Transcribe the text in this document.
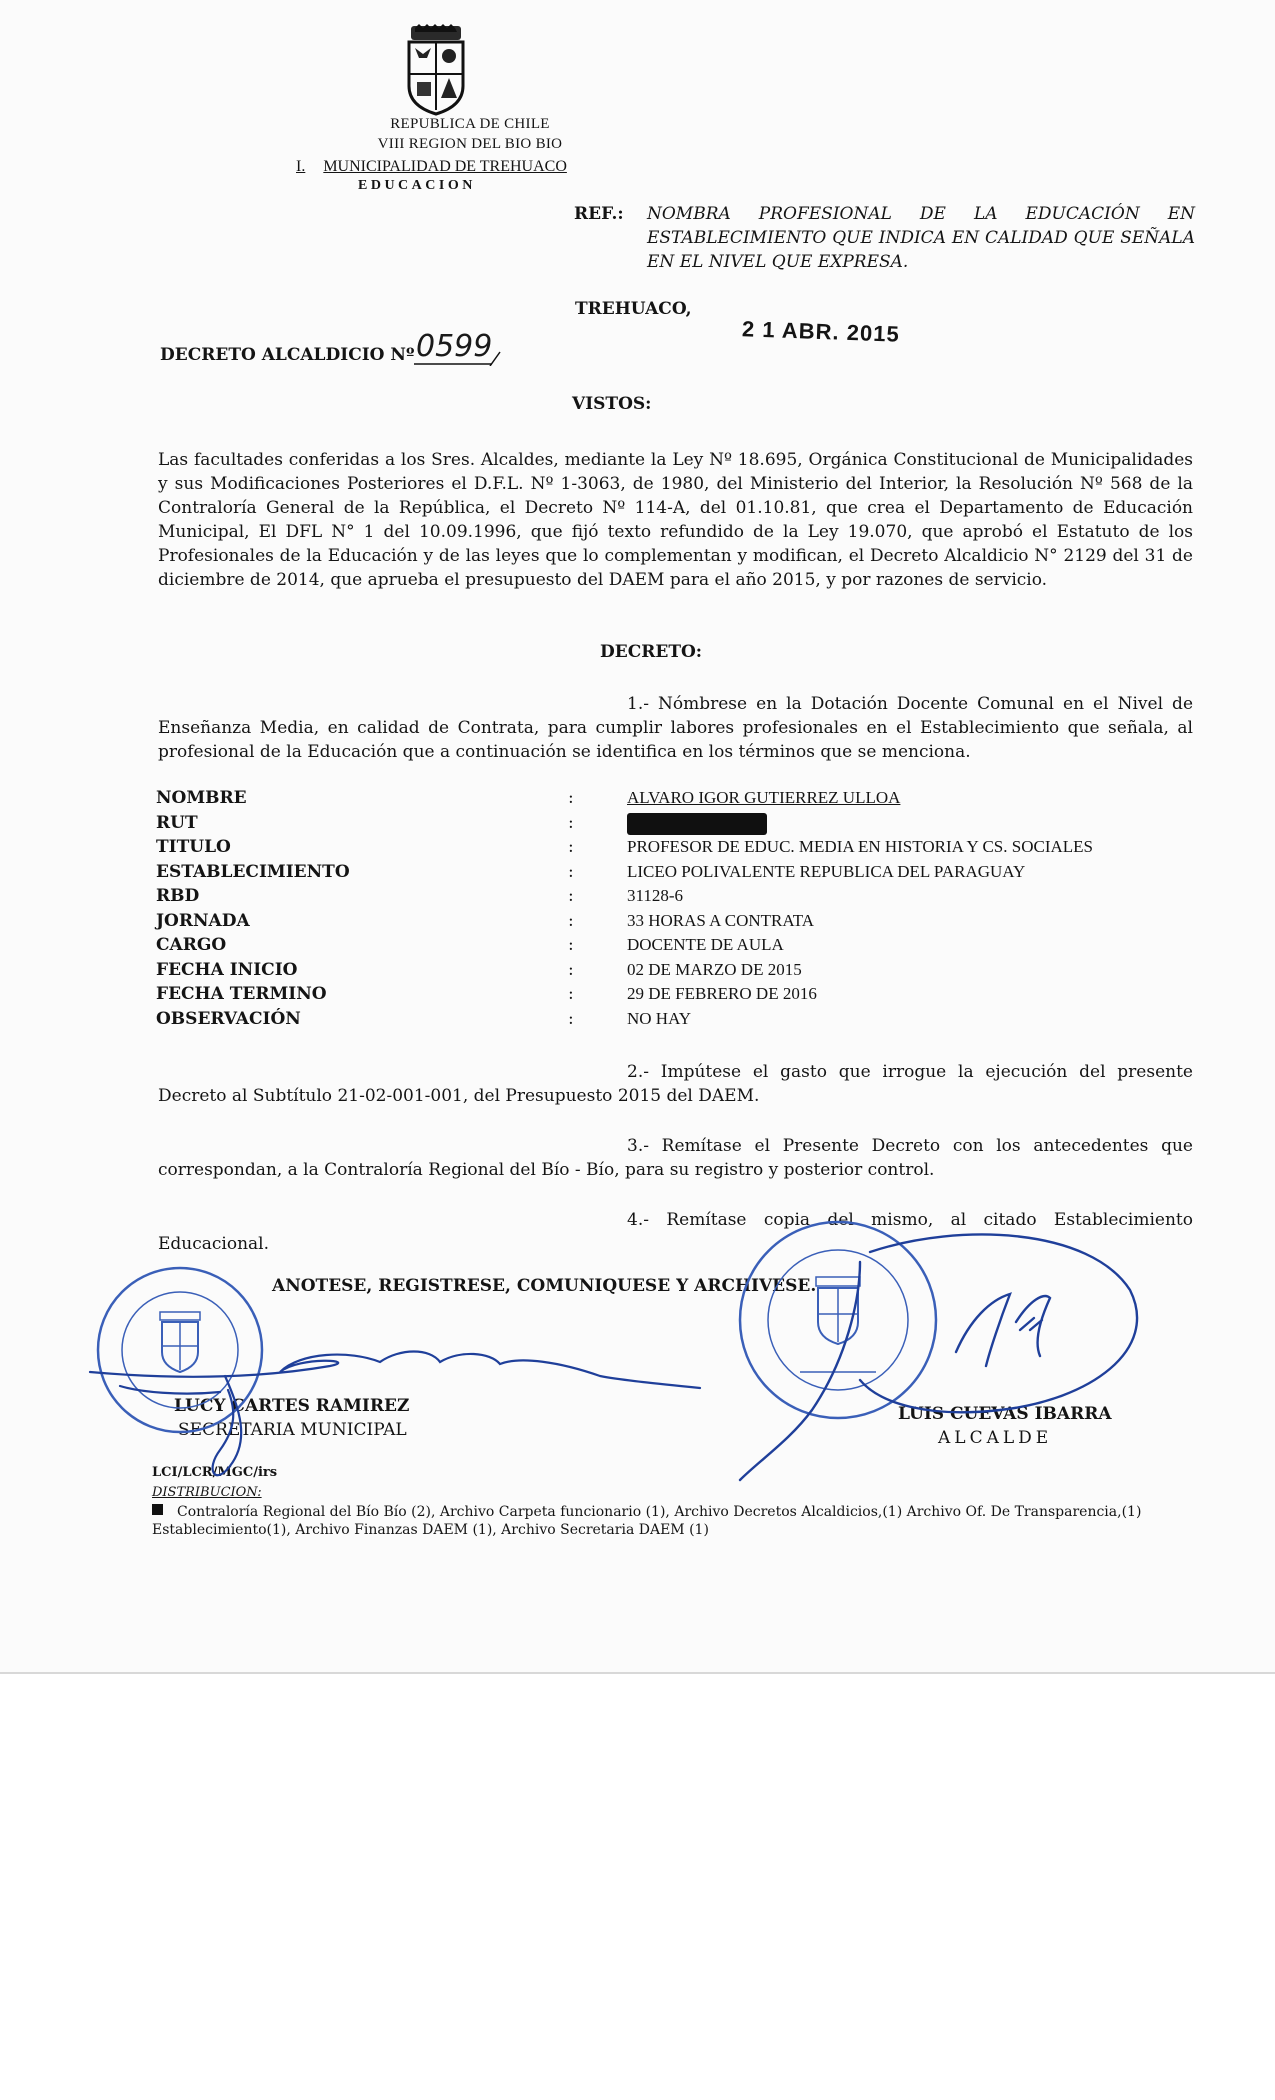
REPUBLICA DE CHILE
VIII REGION DEL BIO BIO
I. MUNICIPALIDAD DE TREHUACO
EDUCACION
REF.: NOMBRA PROFESIONAL DE LA EDUCACIÓN EN ESTABLECIMIENTO QUE INDICA EN CALIDAD QUE SEÑALA EN EL NIVEL QUE EXPRESA.
TREHUACO,
2 1 ABR. 2015
DECRETO ALCALDICIO Nº 0599
VISTOS:
Las facultades conferidas a los Sres. Alcaldes, mediante la Ley Nº 18.695, Orgánica Constitucional de Municipalidades y sus Modificaciones Posteriores el D.F.L. Nº 1-3063, de 1980, del Ministerio del Interior, la Resolución Nº 568 de la Contraloría General de la República, el Decreto Nº 114-A, del 01.10.81, que crea el Departamento de Educación Municipal, El DFL N° 1 del 10.09.1996, que fijó texto refundido de la Ley 19.070, que aprobó el Estatuto de los Profesionales de la Educación y de las leyes que lo complementan y modifican, el Decreto Alcaldicio N° 2129 del 31 de diciembre de 2014, que aprueba el presupuesto del DAEM para el año 2015, y por razones de servicio.
DECRETO:
1.- Nómbrese en la Dotación Docente Comunal en el Nivel de Enseñanza Media, en calidad de Contrata, para cumplir labores profesionales en el Establecimiento que señala, al profesional de la Educación que a continuación se identifica en los términos que se menciona.
NOMBRE	:	ALVARO IGOR GUTIERREZ ULLOA
RUT	:	
TITULO	:	PROFESOR DE EDUC. MEDIA EN HISTORIA Y CS. SOCIALES
ESTABLECIMIENTO	:	LICEO POLIVALENTE REPUBLICA DEL PARAGUAY
RBD	:	31128-6
JORNADA	:	33 HORAS A CONTRATA
CARGO	:	DOCENTE DE AULA
FECHA INICIO	:	02 DE MARZO DE 2015
FECHA TERMINO	:	29 DE FEBRERO DE 2016
OBSERVACIÓN	:	NO HAY
2.- Impútese el gasto que irrogue la ejecución del presente Decreto al Subtítulo 21-02-001-001, del Presupuesto 2015 del DAEM.
3.- Remítase el Presente Decreto con los antecedentes que correspondan, a la Contraloría Regional del Bío - Bío, para su registro y posterior control.
4.- Remítase copia del mismo, al citado Establecimiento Educacional.
ANOTESE, REGISTRESE, COMUNIQUESE Y ARCHIVESE.
LUCY CARTES RAMIREZ
SECRETARIA MUNICIPAL
LUIS CUEVAS IBARRA
ALCALDE
LCI/LCR/MGC/irs
DISTRIBUCION:
Contraloría Regional del Bío Bío (2), Archivo Carpeta funcionario (1), Archivo Decretos Alcaldicios,(1) Archivo Of. De Transparencia,(1) Establecimiento(1), Archivo Finanzas DAEM (1), Archivo Secretaria DAEM (1)
